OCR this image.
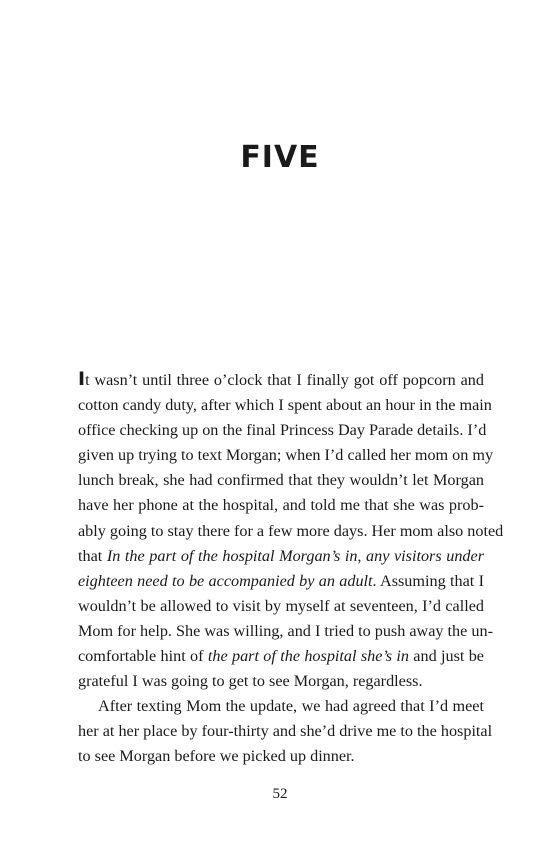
FIVE
It wasn’t until three o’clock that I finally got off popcorn and
cotton candy duty, after which I spent about an hour in the main
office checking up on the final Princess Day Parade details. I’d
given up trying to text Morgan; when I’d called her mom on my
lunch break, she had confirmed that they wouldn’t let Morgan
have her phone at the hospital, and told me that she was prob-
ably going to stay there for a few more days. Her mom also noted
that In the part of the hospital Morgan’s in, any visitors under
eighteen need to be accompanied by an adult. Assuming that I
wouldn’t be allowed to visit by myself at seventeen, I’d called
Mom for help. She was willing, and I tried to push away the un-
comfortable hint of the part of the hospital she’s in and just be
grateful I was going to get to see Morgan, regardless.
After texting Mom the update, we had agreed that I’d meet
her at her place by four-thirty and she’d drive me to the hospital
to see Morgan before we picked up dinner.
52
